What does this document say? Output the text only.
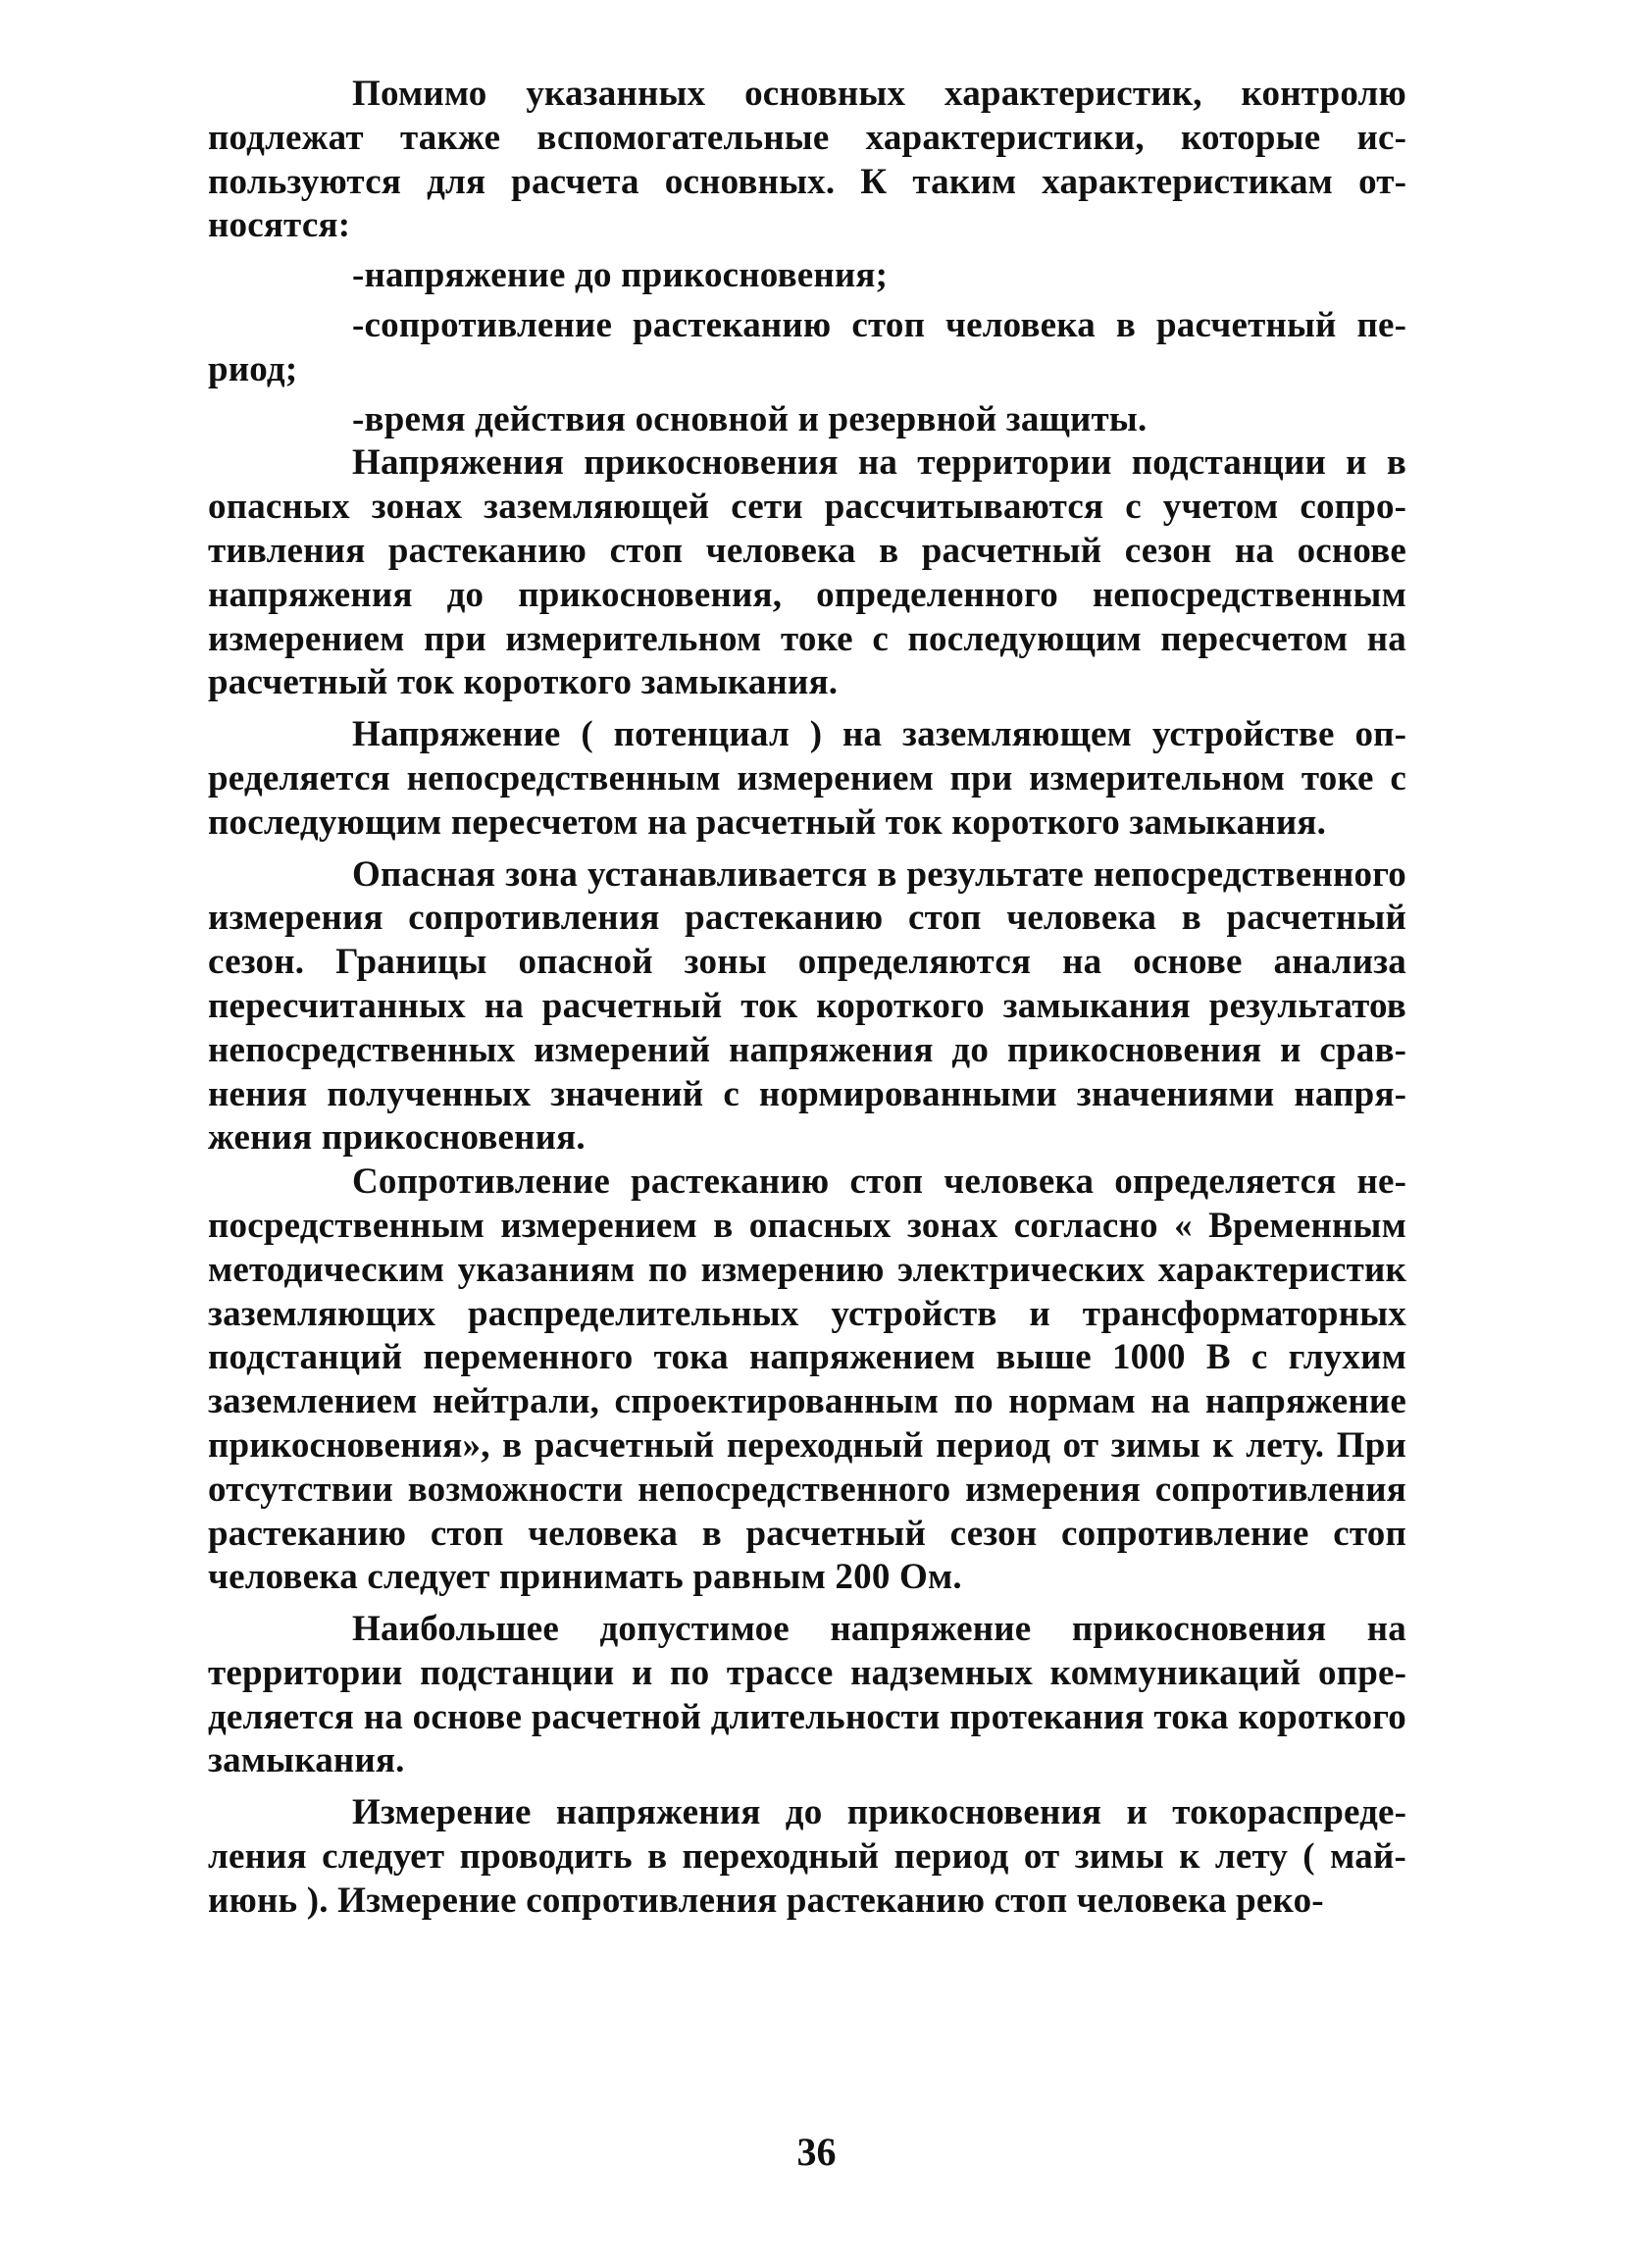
Помимо указанных основных характеристик, контролю подлежат также вспомогательные характеристики, которые используются для расчета основных. К таким характеристикам относятся:

-напряжение до прикосновения;

-сопротивление растеканию стоп человека в расчетный период;

-время действия основной и резервной защиты.

Напряжения прикосновения на территории подстанции и в опасных зонах заземляющей сети рассчитываются с учетом сопротивления растеканию стоп человека в расчетный сезон на основе напряжения до прикосновения, определенного непосредственным измерением при измерительном токе с последующим пересчетом на расчетный ток короткого замыкания.

Напряжение ( потенциал ) на заземляющем устройстве определяется непосредственным измерением при измерительном токе с последующим пересчетом на расчетный ток короткого замыкания.

Опасная зона устанавливается в результате непосредственного измерения сопротивления растеканию стоп человека в расчетный сезон. Границы опасной зоны определяются на основе анализа пересчитанных на расчетный ток короткого замыкания результатов непосредственных измерений напряжения до прикосновения и сравнения полученных значений с нормированными значениями напряжения прикосновения.

Сопротивление растеканию стоп человека определяется непосредственным измерением в опасных зонах согласно « Временным методическим указаниям по измерению электрических характеристик заземляющих распределительных устройств и трансформаторных подстанций переменного тока напряжением выше 1000 В с глухим заземлением нейтрали, спроектированным по нормам на напряжение прикосновения», в расчетный переходный период от зимы к лету. При отсутствии возможности непосредственного измерения сопротивления растеканию стоп человека в расчетный сезон сопротивление стоп человека следует принимать равным 200 Ом.

Наибольшее допустимое напряжение прикосновения на территории подстанции и по трассе надземных коммуникаций определяется на основе расчетной длительности протекания тока короткого замыкания.

Измерение напряжения до прикосновения и токораспределения следует проводить в переходный период от зимы к лету ( май-июнь ). Измерение сопротивления растеканию стоп человека реко-

36
